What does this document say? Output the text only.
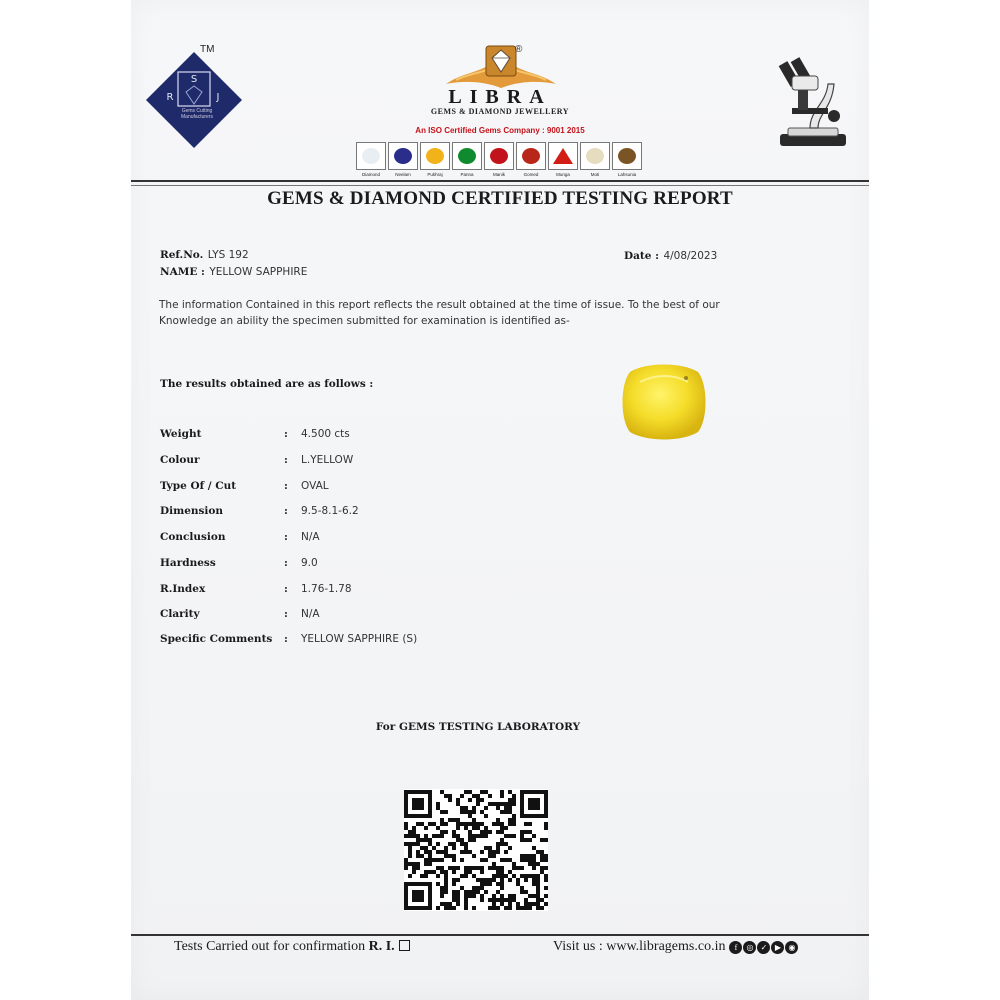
S
R	J
TM
Gems Cutting Manufacturers
®
LIBRA
GEMS & DIAMOND JEWELLERY
An ISO Certified Gems Company : 9001 2015
Diamond	Neelam	Pukhraj	Panna	Manik	Gomed	Munga	Moti	Lahsunia
GEMS & DIAMOND CERTIFIED TESTING REPORT
Ref.No. LYS 192	Date : 4/08/2023
NAME : YELLOW SAPPHIRE
The information Contained in this report reflects the result obtained at the time of issue. To the best of our
Knowledge an ability the specimen submitted for examination is identified as-
The results obtained are as follows :
Weight	: 4.500 cts
Colour	: L.YELLOW
Type Of / Cut	: OVAL
Dimension	: 9.5-8.1-6.2
Conclusion	: N/A
Hardness	: 9.0
R.Index	: 1.76-1.78
Clarity	: N/A
Specific Comments	: YELLOW SAPPHIRE (S)
For GEMS TESTING LABORATORY
Tests Carried out for confirmation R. I.	Visit us : www.libragems.co.in	f	◎ ✓ ▶ ◉
